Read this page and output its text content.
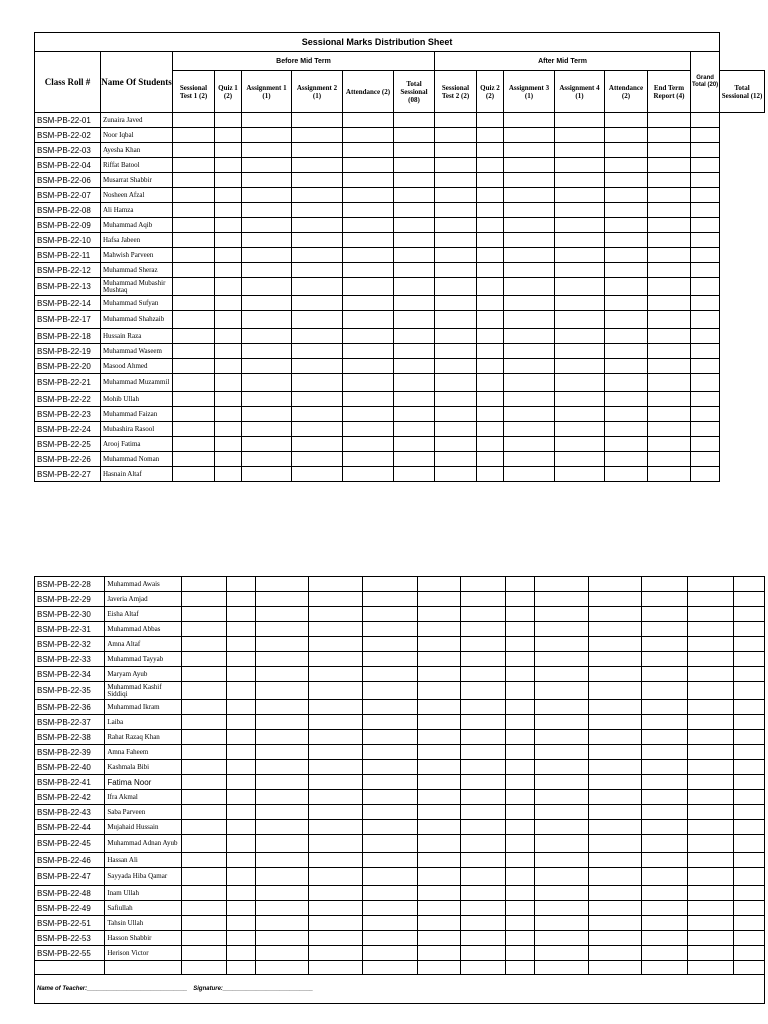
Sessional Marks Distribution Sheet															
Class Roll #	Name Of Students	Before Mid Term						After Mid Term						Grand Total (20)	
		Sessional Test 1 (2)	Quiz 1 (2)	Assignment 1 (1)	Assignment 2 (1)	Attendance (2)	Total Sessional (08)	Sessional Test 2 (2)	Quiz 2 (2)	Assignment 3 (1)	Assignment 4 (1)	Attendance (2)	End Term Report (4)		Total Sessional (12)
BSM-PB-22-01	Zunaira Javed														
BSM-PB-22-02	Noor Iqbal														
BSM-PB-22-03	Ayesha Khan														
BSM-PB-22-04	Riffat Batool														
BSM-PB-22-06	Musarrat Shabbir														
BSM-PB-22-07	Nosheen Afzal														
BSM-PB-22-08	Ali Hamza														
BSM-PB-22-09	Muhammad Aqib														
BSM-PB-22-10	Hafsa Jabeen														
BSM-PB-22-11	Mahwish Parveen														
BSM-PB-22-12	Muhammad Sheraz														
BSM-PB-22-13	Muhammad Mubashir Mushtaq														
BSM-PB-22-14	Muhammad Sufyan														
BSM-PB-22-17	Muhammad Shahzaib														
BSM-PB-22-18	Hussain Raza														
BSM-PB-22-19	Muhammad Waseem														
BSM-PB-22-20	Masood Ahmed														
BSM-PB-22-21	Muhammad Muzammil														
BSM-PB-22-22	Mohib Ullah														
BSM-PB-22-23	Muhammad Faizan														
BSM-PB-22-24	Mubashira Rasool														
BSM-PB-22-25	Arooj Fatima														
BSM-PB-22-26	Muhammad Noman														
BSM-PB-22-27	Hasnain Altaf														
BSM-PB-22-28	Muhammad Awais													
BSM-PB-22-29	Javeria Amjad													
BSM-PB-22-30	Eisha Altaf													
BSM-PB-22-31	Muhammad Abbas													
BSM-PB-22-32	Amna Altaf													
BSM-PB-22-33	Muhammad Tayyab													
BSM-PB-22-34	Maryam Ayub													
BSM-PB-22-35	Muhammad Kashif Siddiqi													
BSM-PB-22-36	Muhammad Ikram													
BSM-PB-22-37	Laiba													
BSM-PB-22-38	Rahat Razaq Khan													
BSM-PB-22-39	Amna Faheem													
BSM-PB-22-40	Kashmala Bibi													
BSM-PB-22-41	Fatima Noor													
BSM-PB-22-42	Ifra Akmal													
BSM-PB-22-43	Saba Parveen													
BSM-PB-22-44	Mujahaid Hussain													
BSM-PB-22-45	Muhammad Adnan Ayub													
BSM-PB-22-46	Hassan Ali													
BSM-PB-22-47	Sayyada Hiba Qamar													
BSM-PB-22-48	Inam Ullah													
BSM-PB-22-49	Safiullah													
BSM-PB-22-51	Tahsin Ullah													
BSM-PB-22-53	Hasson Shabbir													
BSM-PB-22-55	Herison Victor													

Name of Teacher:______________________________ Signature:___________________________														
